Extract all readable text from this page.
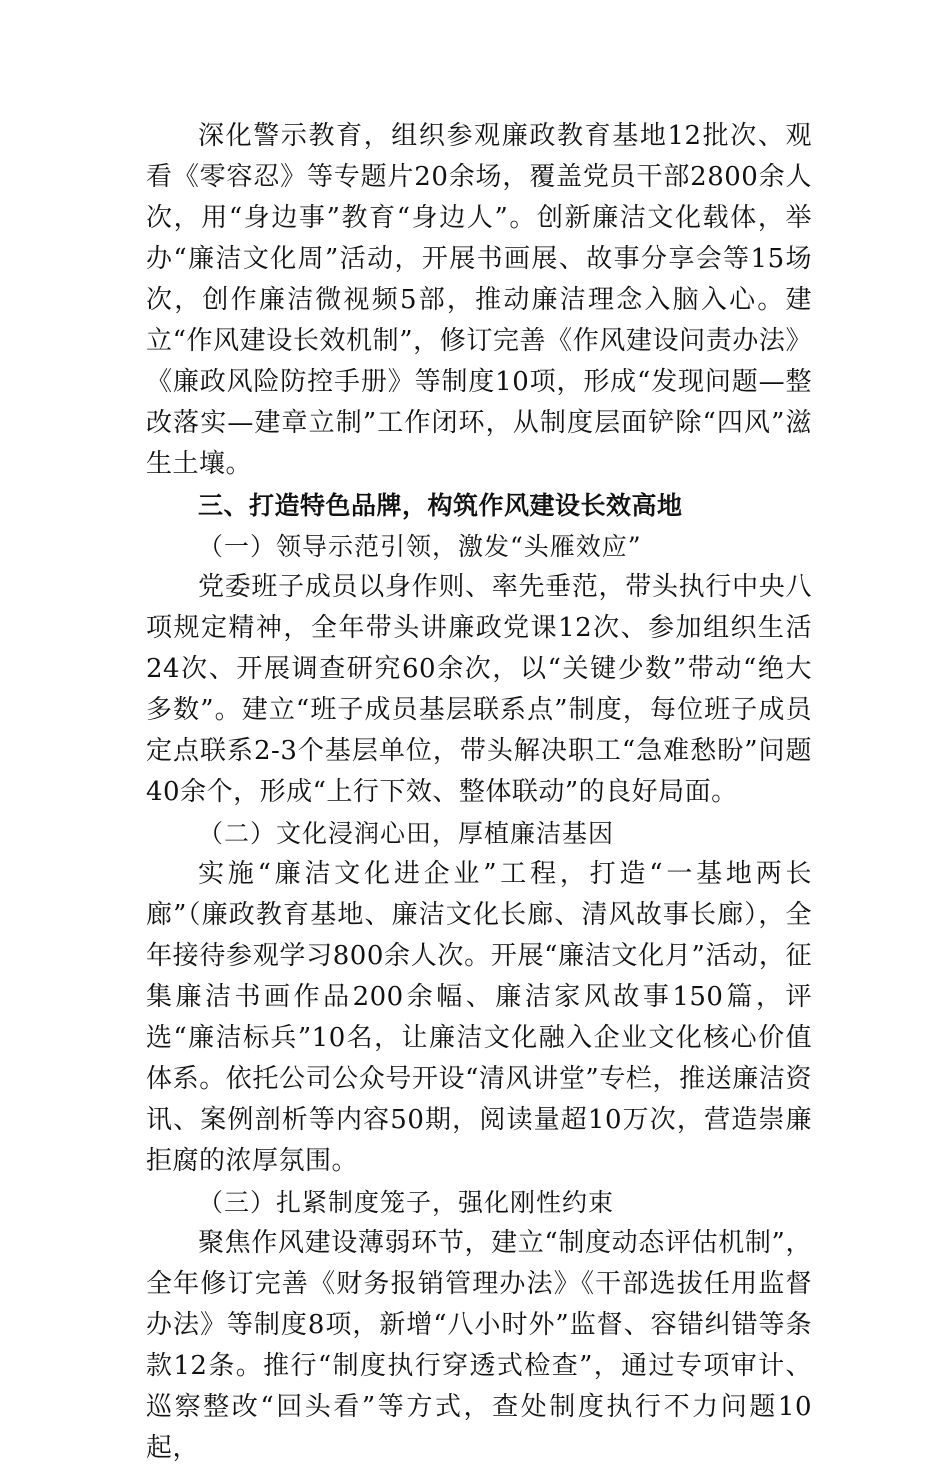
深化警示教育，组织参观廉政教育基地12批次、观看《零容忍》等专题片20余场，覆盖党员干部2800余人次，用“身边事”教育“身边人”。创新廉洁文化载体，举办“廉洁文化周”活动，开展书画展、故事分享会等15场次，创作廉洁微视频5部，推动廉洁理念入脑入心。建立“作风建设长效机制”，修订完善《作风建设问责办法》《廉政风险防控手册》等制度10项，形成“发现问题—整改落实—建章立制”工作闭环，从制度层面铲除“四风”滋生土壤。

三、打造特色品牌，构筑作风建设长效高地

（一）领导示范引领，激发“头雁效应”

党委班子成员以身作则、率先垂范，带头执行中央八项规定精神，全年带头讲廉政党课12次、参加组织生活24次、开展调查研究60余次，以“关键少数”带动“绝大多数”。建立“班子成员基层联系点”制度，每位班子成员定点联系2-3个基层单位，带头解决职工“急难愁盼”问题40余个，形成“上行下效、整体联动”的良好局面。

（二）文化浸润心田，厚植廉洁基因

实施“廉洁文化进企业”工程，打造“一基地两长廊”（廉政教育基地、廉洁文化长廊、清风故事长廊），全年接待参观学习800余人次。开展“廉洁文化月”活动，征集廉洁书画作品200余幅、廉洁家风故事150篇，评选“廉洁标兵”10名，让廉洁文化融入企业文化核心价值体系。依托公司公众号开设“清风讲堂”专栏，推送廉洁资讯、案例剖析等内容50期，阅读量超10万次，营造崇廉拒腐的浓厚氛围。

（三）扎紧制度笼子，强化刚性约束

聚焦作风建设薄弱环节，建立“制度动态评估机制”，全年修订完善《财务报销管理办法》《干部选拔任用监督办法》等制度8项，新增“八小时外”监督、容错纠错等条款12条。推行“制度执行穿透式检查”，通过专项审计、巡察整改“回头看”等方式，查处制度执行不力问题10起，
